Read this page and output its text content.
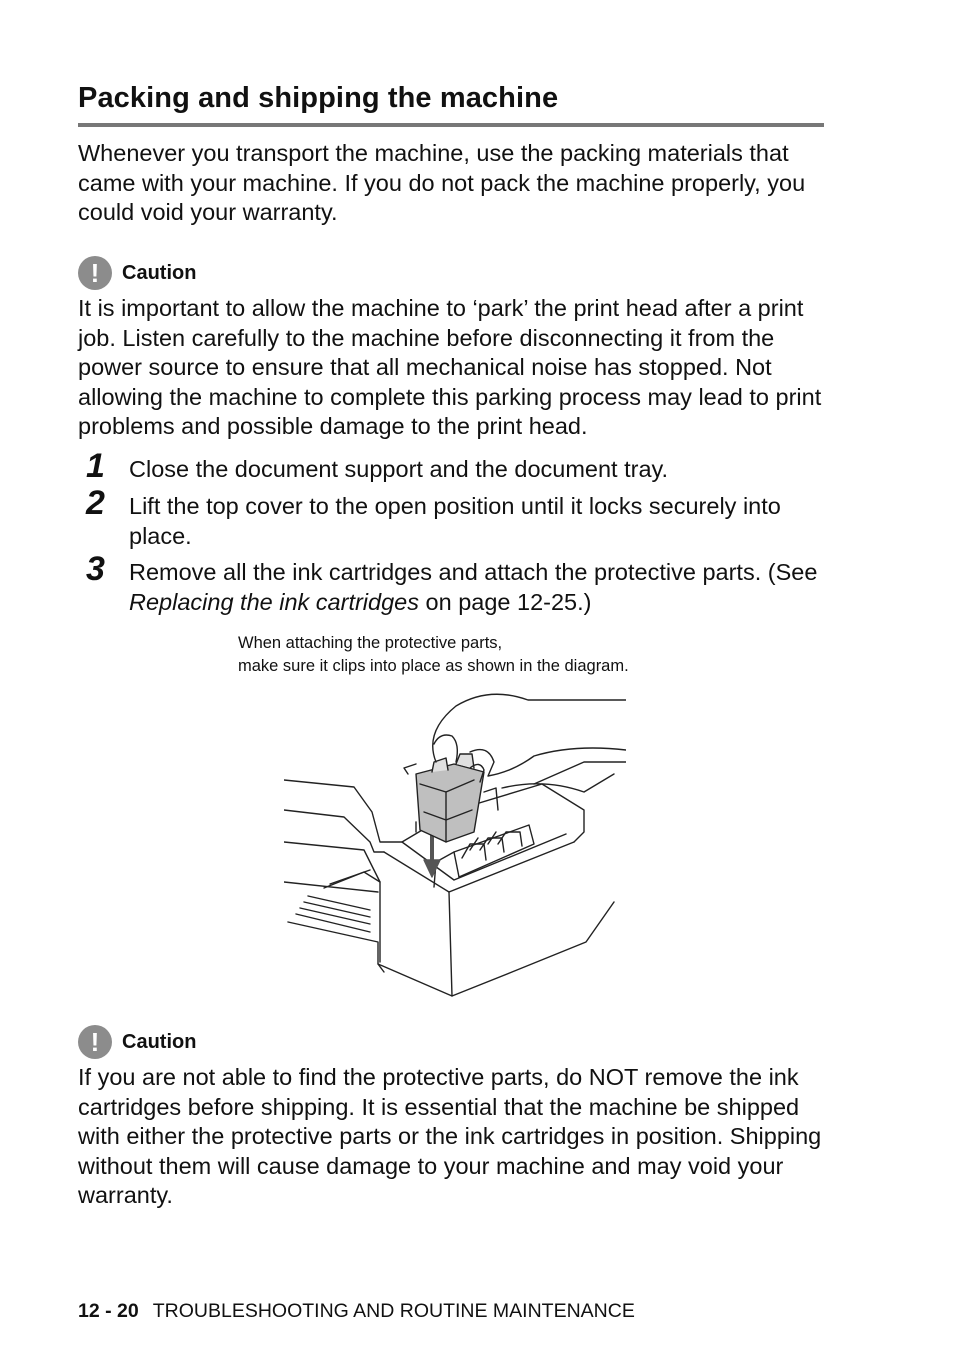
Packing and shipping the machine

Whenever you transport the machine, use the packing materials that came with your machine. If you do not pack the machine properly, you could void your warranty.

!	Caution

It is important to allow the machine to ‘park’ the print head after a print job. Listen carefully to the machine before disconnecting it from the power source to ensure that all mechanical noise has stopped. Not allowing the machine to complete this parking process may lead to print problems and possible damage to the print head.

1 Close the document support and the document tray.

2 Lift the top cover to the open position until it locks securely into place.

3 Remove all the ink cartridges and attach the protective parts. (See Replacing the ink cartridges on page 12-25.)

When attaching the protective parts,
make sure it clips into place as shown in the diagram.

!	Caution

If you are not able to find the protective parts, do NOT remove the ink cartridges before shipping. It is essential that the machine be shipped with either the protective parts or the ink cartridges in position. Shipping without them will cause damage to your machine and may void your warranty.

12 - 20 TROUBLESHOOTING AND ROUTINE MAINTENANCE
